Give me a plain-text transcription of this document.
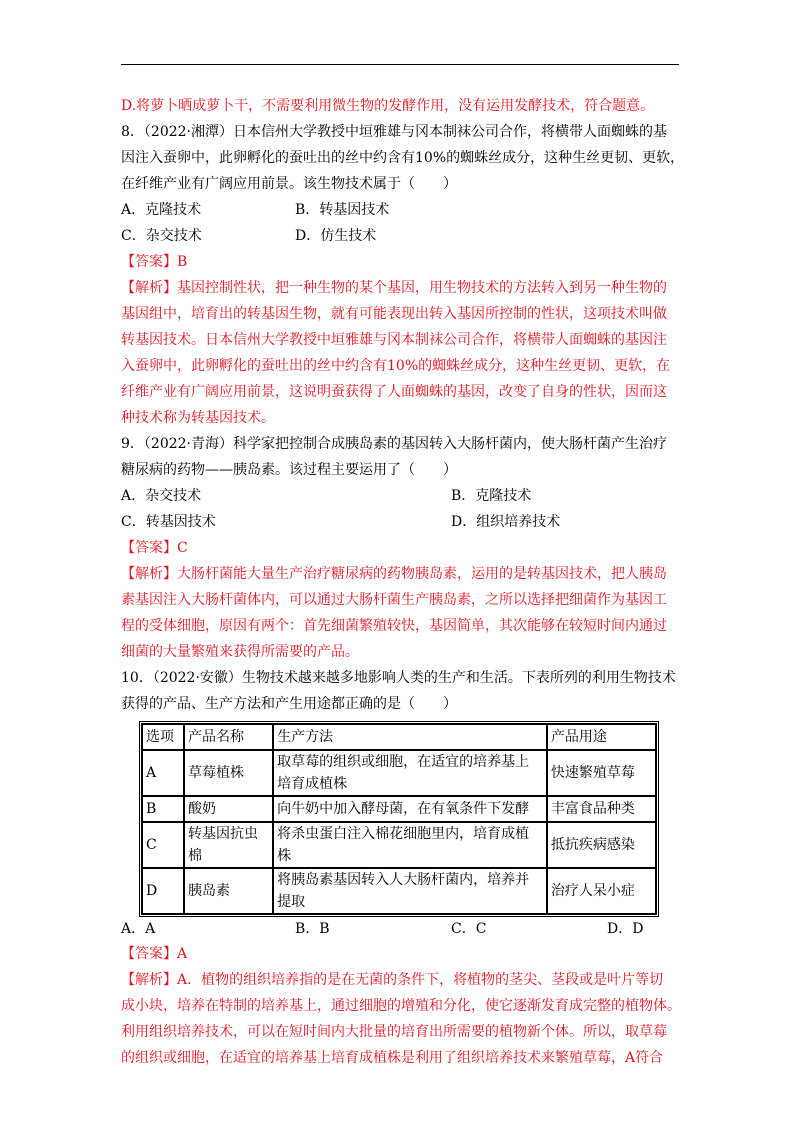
D.将萝卜晒成萝卜干，不需要利用微生物的发酵作用，没有运用发酵技术，符合题意。
8．（2022·湘潭）日本信州大学教授中垣雅雄与冈本制袜公司合作，将横带人面蜘蛛的基
因注入蚕卵中，此卵孵化的蚕吐出的丝中约含有10%的蜘蛛丝成分，这种生丝更韧、更软，
在纤维产业有广阔应用前景。该生物技术属于（　　）
A．克隆技术	B．转基因技术
C．杂交技术	D．仿生技术
【答案】B
【解析】基因控制性状，把一种生物的某个基因，用生物技术的方法转入到另一种生物的
基因组中，培育出的转基因生物，就有可能表现出转入基因所控制的性状，这项技术叫做
转基因技术。日本信州大学教授中垣雅雄与冈本制袜公司合作，将横带人面蜘蛛的基因注
入蚕卵中，此卵孵化的蚕吐出的丝中约含有10%的蜘蛛丝成分，这种生丝更韧、更软，在
纤维产业有广阔应用前景，这说明蚕获得了人面蜘蛛的基因，改变了自身的性状，因而这
种技术称为转基因技术。
9．（2022·青海）科学家把控制合成胰岛素的基因转入大肠杆菌内，使大肠杆菌产生治疗
糖尿病的药物——胰岛素。该过程主要运用了（　　）
A．杂交技术	B．克隆技术
C．转基因技术	D．组织培养技术
【答案】C
【解析】大肠杆菌能大量生产治疗糖尿病的药物胰岛素，运用的是转基因技术，把人胰岛
素基因注入大肠杆菌体内，可以通过大肠杆菌生产胰岛素，之所以选择把细菌作为基因工
程的受体细胞，原因有两个：首先细菌繁殖较快，基因简单，其次能够在较短时间内通过
细菌的大量繁殖来获得所需要的产品。
10．（2022·安徽）生物技术越来越多地影响人类的生产和生活。下表所列的利用生物技术
获得的产品、生产方法和产生用途都正确的是（　　）
选项	产品名称	生产方法	产品用途
A	草莓植株	取草莓的组织或细胞，在适宜的培养基上培育成植株	快速繁殖草莓
B	酸奶	向牛奶中加入酵母菌，在有氧条件下发酵	丰富食品种类
C	转基因抗虫棉	将杀虫蛋白注入棉花细胞里内，培育成植株	抵抗疾病感染
D	胰岛素	将胰岛素基因转入人大肠杆菌内，培养并提取	治疗人呆小症
A．A	B．B	C．C	D．D
【答案】A
【解析】A．植物的组织培养指的是在无菌的条件下，将植物的茎尖、茎段或是叶片等切
成小块，培养在特制的培养基上，通过细胞的增殖和分化，使它逐渐发育成完整的植物体。
利用组织培养技术，可以在短时间内大批量的培育出所需要的植物新个体。所以，取草莓
的组织或细胞，在适宜的培养基上培育成植株是利用了组织培养技术来繁殖草莓，A符合
